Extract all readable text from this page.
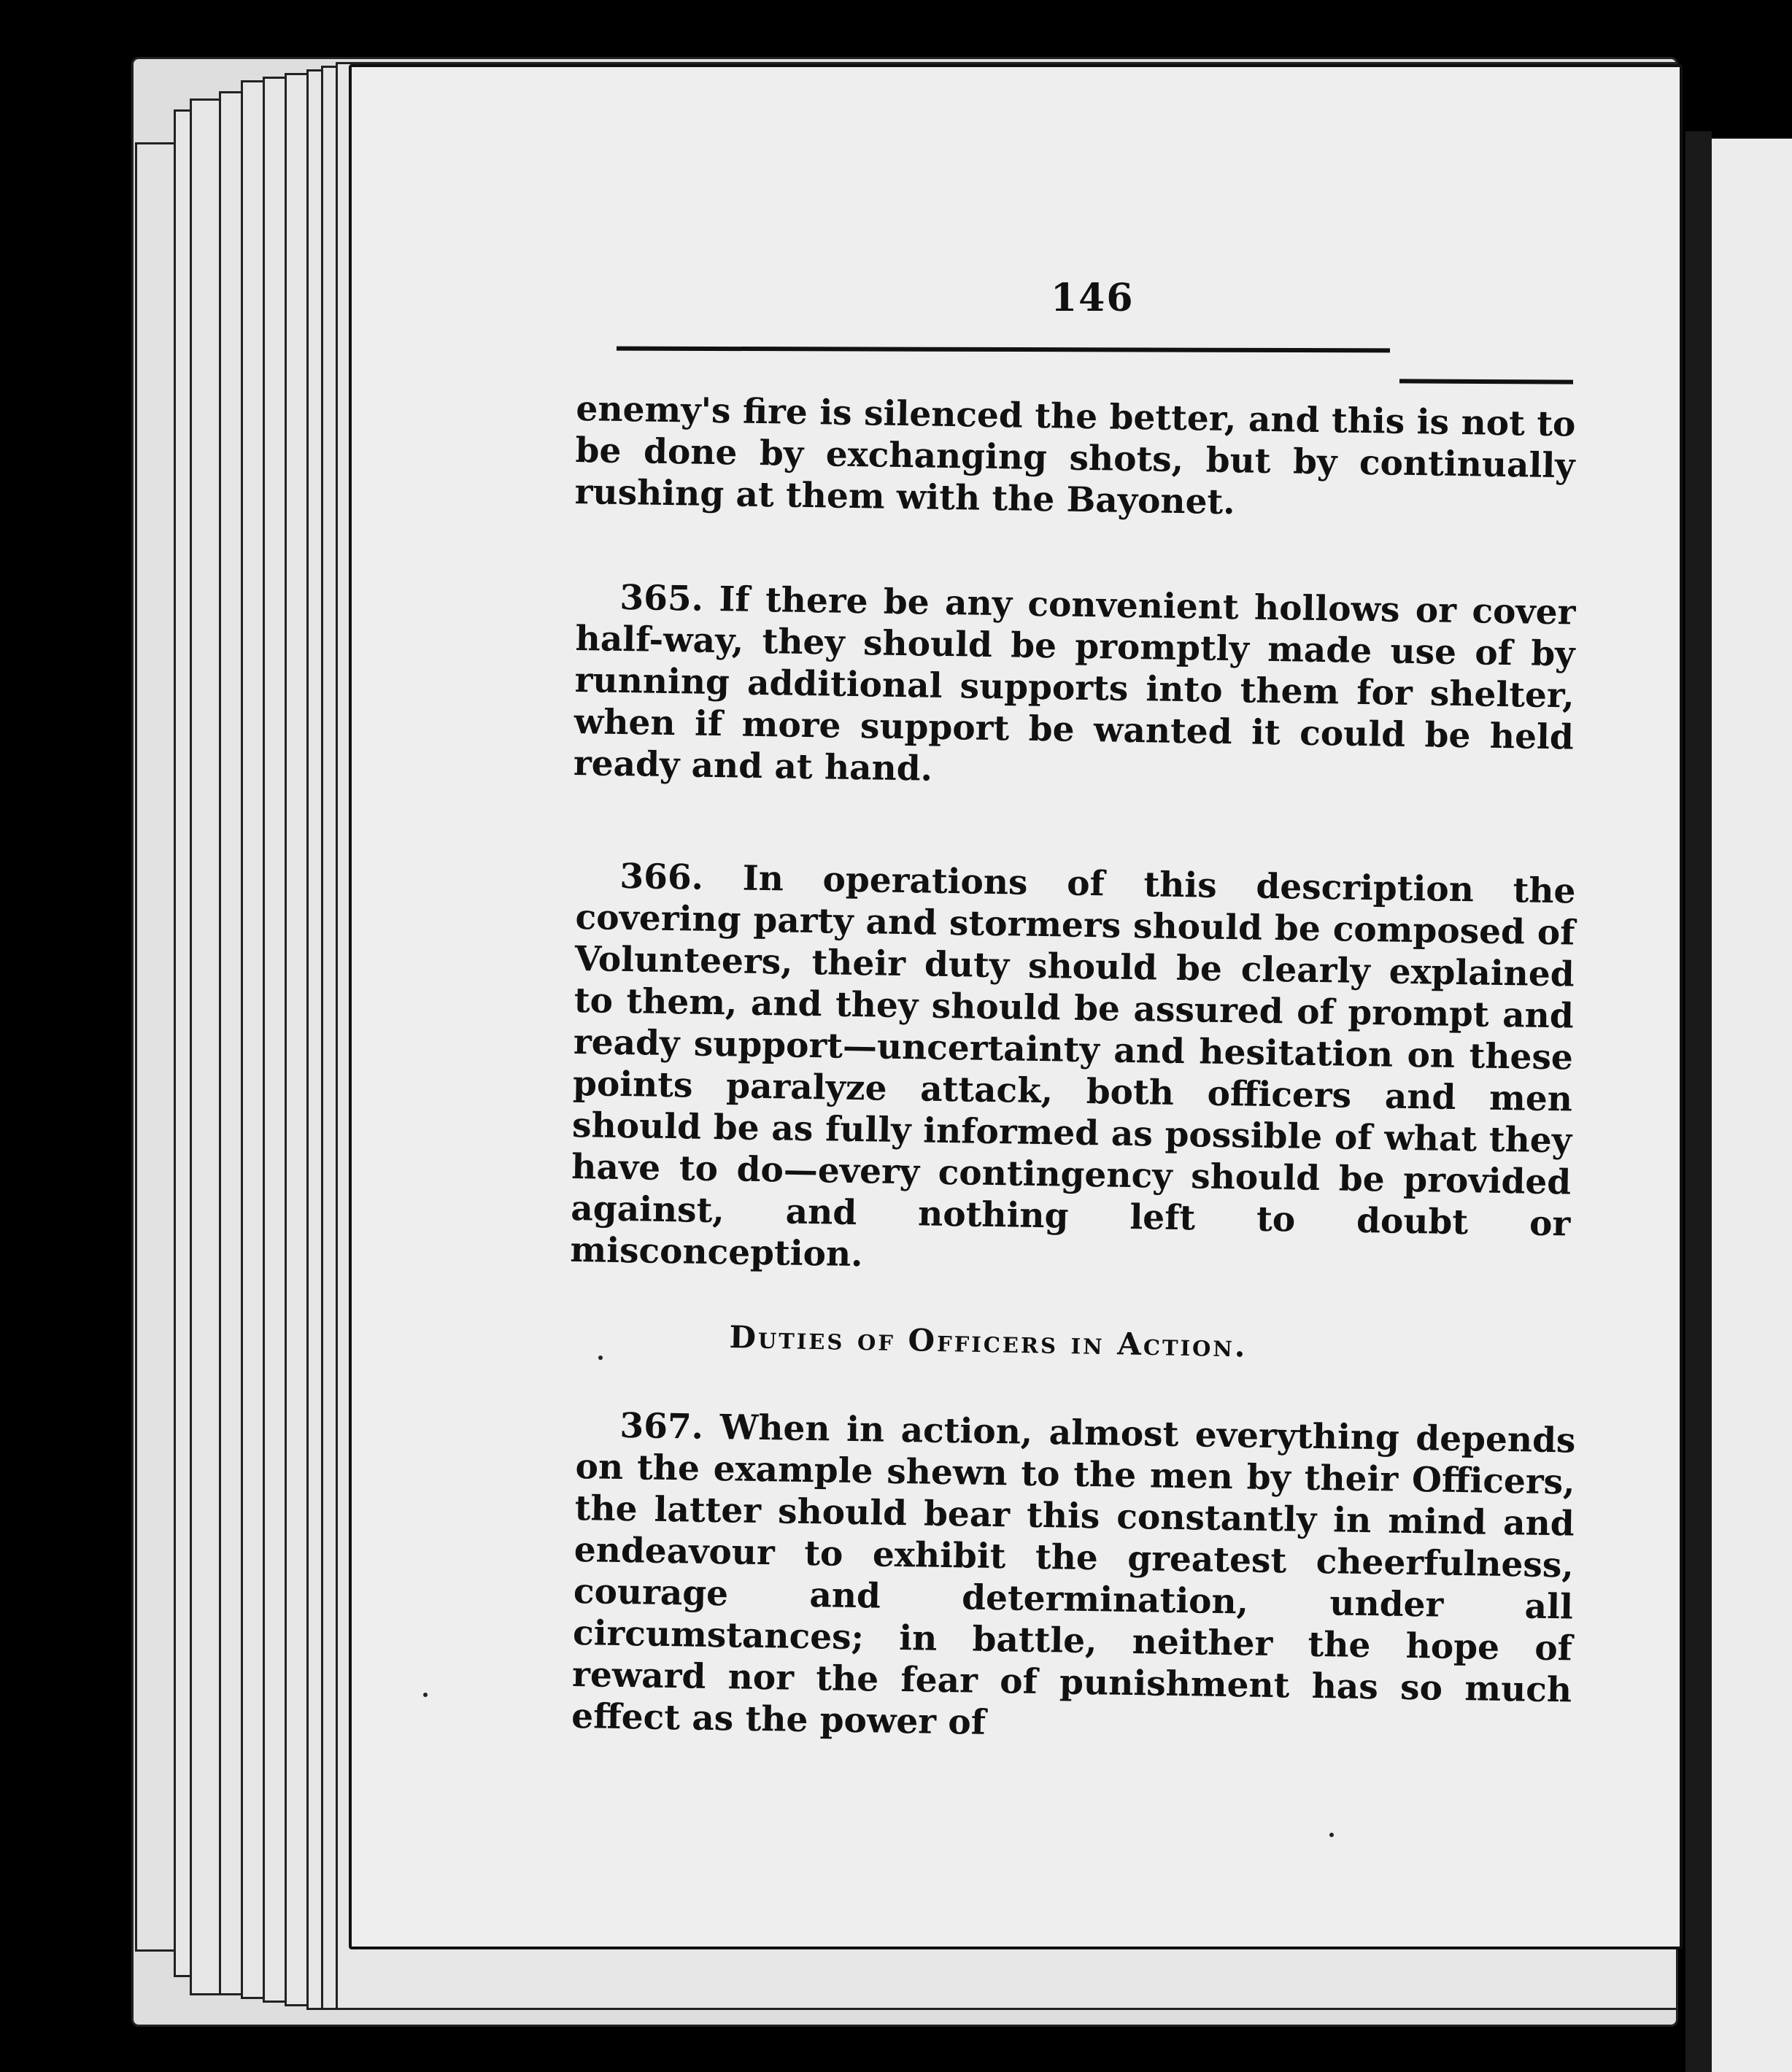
146

enemy's fire is silenced the better, and this is not to be done by exchanging shots, but by continually rushing at them with the Bayonet.

365. If there be any convenient hollows or cover half-way, they should be promptly made use of by running additional supports into them for shelter, when if more support be wanted it could be held ready and at hand.

366. In operations of this description the covering party and stormers should be composed of Volunteers, their duty should be clearly explained to them, and they should be assured of prompt and ready support—uncertainty and hesitation on these points paralyze attack, both officers and men should be as fully informed as possible of what they have to do—every contingency should be provided against, and nothing left to doubt or misconception.

Duties of Officers in Action.

367. When in action, almost everything depends on the example shewn to the men by their Officers, the latter should bear this constantly in mind and endeavour to exhibit the greatest cheerfulness, courage and determination, under all circumstances; in battle, neither the hope of reward nor the fear of punishment has so much effect as the power of
